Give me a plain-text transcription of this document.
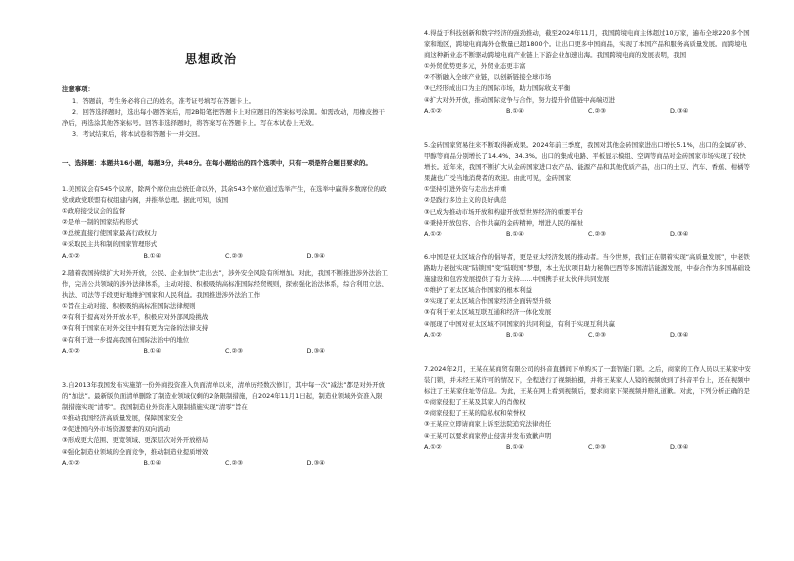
思想政治
注意事项：

1．答题前，考生务必将自己的姓名，准考证号填写在答题卡上。

2．回答选择题时，选出每小题答案后，用2B铅笔把答题卡上对应题目的答案标号涂黑。如需改动，用橡皮擦干净后，再选涂其他答案标号。回答非选择题时，将答案写在答题卡上。写在本试卷上无效。

3．考试结束后，将本试卷和答题卡一并交回。

一、选择题：本题共16小题，每题3分，共48分。在每小题给出的四个选项中，只有一项是符合题目要求的。

1.美国议会有545个议席，除两个席位由总统任命以外，其余543个席位通过选举产生，在选举中赢得多数席位的政党或政党联盟有权组建内阁，并推举总理。据此可知，该国

①政府接受议会的监督

②是单一制的国家结构形式

③总统直接行使国家最高行政权力

④采取民主共和制的国家管理形式

A.①②	B.①④	C.②③	D.③④

2.随着我国持续扩大对外开放，公民、企业加快“走出去”，涉外安全风险有所增加。对此，我国不断推进涉外法治工作，完善公共领域的涉外法律体系，主动对接、积极吸纳高标准国际经贸规则，探索强化治法体系，综合利用立法、执法、司法等手段更好地维护国家和人民利益。我国推进涉外法治工作

①旨在主动对接、积极吸纳高标准国际法律规则

②有利于提高对外开放水平，积极应对外部风险挑战

③有利于国家在对外交往中拥有更为完备的法律支持

④有利于进一步提高我国在国际法治中的地位

A.①②	B.①④	C.②③	D.③④

3.自2013年我国发布实施第一份外商投资准入负面清单以来，清单历经数次修订，其中每一次“减法”都是对外开放的“加法”。最新版负面清单删除了制造业领域仅剩的2条限制措施，自2024年11月1日起，制造业领域外资准入限制措施实现“清零”。我国制造业外资准入限制措施实现“清零”旨在

①推动我国经济高质量发展，保障国家安全

②促进国内外市场资源要素的双向流动

③形成更大范围、更宽领域、更深层次对外开放格局

④强化制造业领域的全面竞争，推动制造业提质增效

A.①②	B.①④	C.②③	D.③④

4.得益于科技创新和数字经济的强劲推动，截至2024年11月，我国跨境电商主体超过10万家，遍布全球220多个国家和地区，跨境电商海外仓数量已超1800个。让出口更多中国商品，实现了本国产品和服务高质量发展。而跨境电商这种新业态不断驱动跨境电商产业链上下游企业加速出海。我国跨境电商的发展表明，我国

①外贸优势更多元，外贸业态更丰富

②不断融入全球产业链，以创新链接全球市场

③已经形成出口为主的国际市场，助力国际收支平衡

④扩大对外开放，推动国际竞争与合作，努力提升价值链中高端迈进

A.①②	B.①④	C.②③	D.③④

5.金砖国家贸易往来不断取得新成果。2024年前三季度，我国对其他金砖国家进出口增长5.1%，出口的金属矿砂、甲醇等商品分别增长了14.4%、34.3%。出口的集成电路、平板显示模组、空调等商品对金砖国家市场实现了较快增长。近年来，我国不断扩大从金砖国家进口农产品、能源产品和其他优质产品，出口的土豆、汽车、香蕉、柑橘等果蔬也广受当地消费者的欢迎。由此可见，金砖国家

①坚持引进外资与走出去并重

②是践行多边主义的良好典范

③已成为推动市场开放和构建开放型世界经济的重要平台

④秉持开放包容、合作共赢的金砖精神，增进人民的福祉

A.①②	B.①④	C.②③	D.③④

6.中国是亚太区域合作的倡导者，更是亚太经济发展的推动者。当今世界，我们正在朝着实现“高质量发展”，中老铁路助力老挝实现“陆锁国”变“陆联国”梦想，本土光伏项目助力秘鲁巴西等多国清洁能源发展，中泰合作为多国基础设施建设和包容发展提供了有力支持……中国携手亚太伙伴共同发展

①维护了亚太区域合作国家的根本利益

②实现了亚太区域合作国家经济全面转型升级

③有利于亚太区域互联互通和经济一体化发展

④展现了中国对亚太区域不同国家的共同利益，有利于实现互利共赢

A.①②	B.①④	C.②③	D.③④

7.2024年2月，王某在某商贸有限公司的抖音直播间下单购买了一套智能门锁。之后，商家的工作人员以王某家中安装门锁，并未经王某许可的情况下，全程进行了视频拍摄，并将王某家人人镜的视频放到了抖音平台上，还在视频中标注了王某家住址等信息。为此，王某在网上看到视频后，要求商家下架视频并赔礼道歉。对此，下列分析正确的是

①商家侵犯了王某及其家人的肖像权

②商家侵犯了王某的隐私权和荣誉权

③王某应立即请商家上诉至法院追究法律责任

④王某可以要求商家停止侵害并发布致歉声明

A.①②	B.①④	C.②③	D.③④
